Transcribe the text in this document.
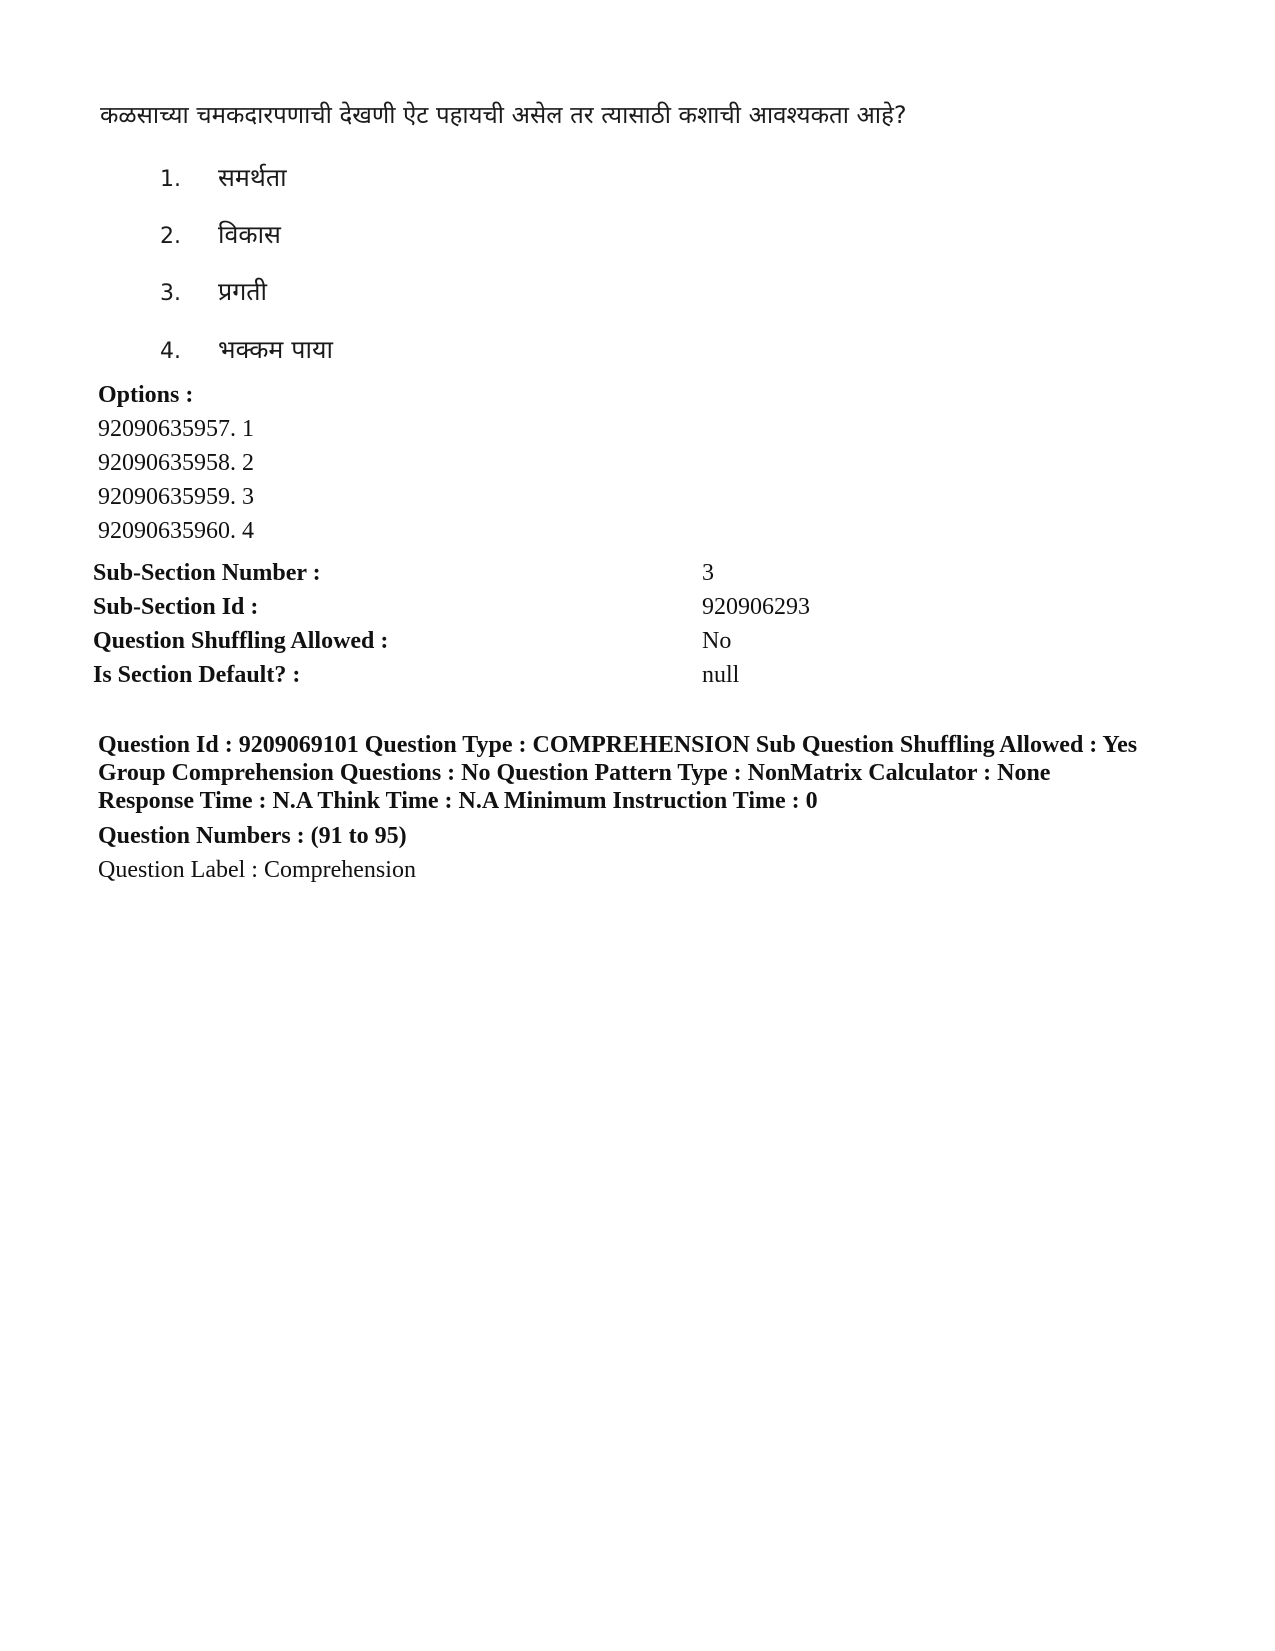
कळसाच्या चमकदारपणाची देखणी ऐट पहायची असेल तर त्यासाठी कशाची आवश्यकता आहे?
1. समर्थता
2. विकास
3. प्रगती
4. भक्कम पाया
Options :
92090635957. 1
92090635958. 2
92090635959. 3
92090635960. 4
Sub-Section Number :	3
Sub-Section Id :	920906293
Question Shuffling Allowed :	No
Is Section Default? :	null
Question Id : 9209069101 Question Type : COMPREHENSION Sub Question Shuffling Allowed : Yes
Group Comprehension Questions : No Question Pattern Type : NonMatrix Calculator : None
Response Time : N.A Think Time : N.A Minimum Instruction Time : 0
Question Numbers : (91 to 95)
Question Label : Comprehension
